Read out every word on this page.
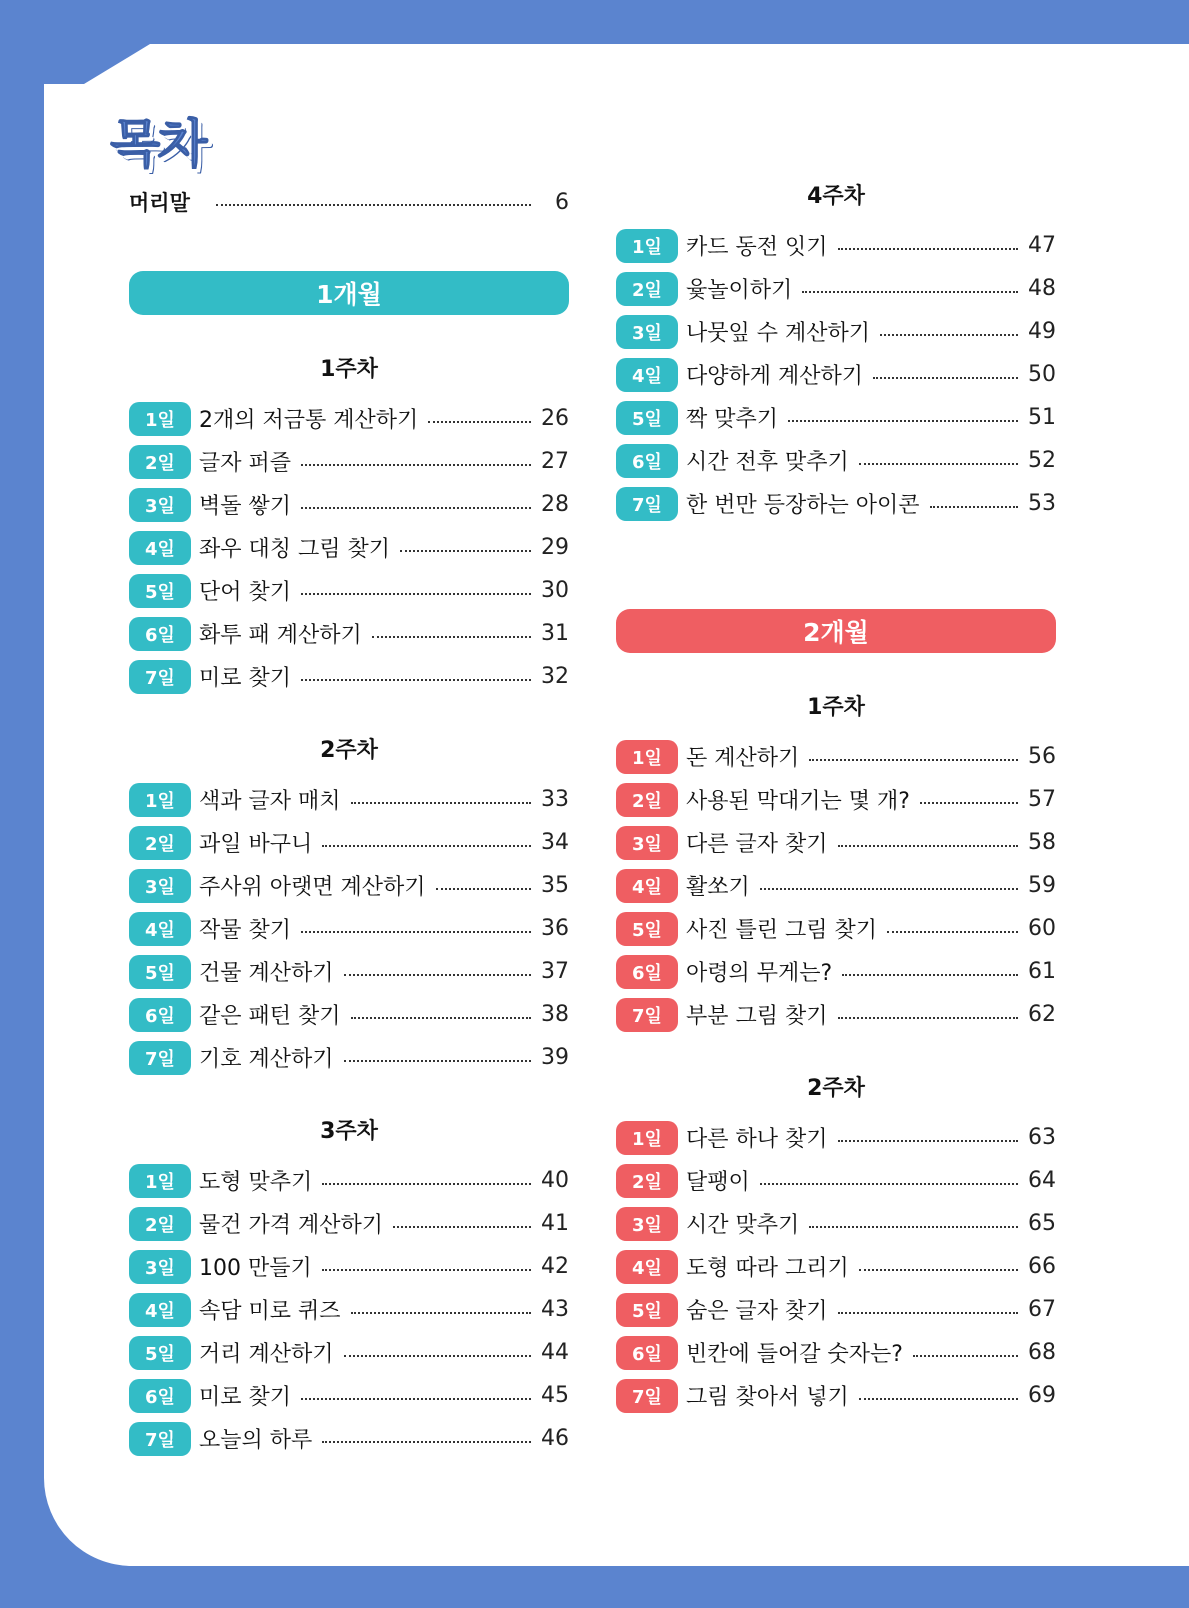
목차
머리말	6
1개월
1주차
1일	2개의 저금통 계산하기	26
2일	글자 퍼즐	27
3일	벽돌 쌓기	28
4일	좌우 대칭 그림 찾기	29
5일	단어 찾기	30
6일	화투 패 계산하기	31
7일	미로 찾기	32
2주차
1일	색과 글자 매치	33
2일	과일 바구니	34
3일	주사위 아랫면 계산하기	35
4일	작물 찾기	36
5일	건물 계산하기	37
6일	같은 패턴 찾기	38
7일	기호 계산하기	39
3주차
1일	도형 맞추기	40
2일	물건 가격 계산하기	41
3일	100 만들기	42
4일	속담 미로 퀴즈	43
5일	거리 계산하기	44
6일	미로 찾기	45
7일	오늘의 하루	46
4주차
1일	카드 동전 잇기	47
2일	윷놀이하기	48
3일	나뭇잎 수 계산하기	49
4일	다양하게 계산하기	50
5일	짝 맞추기	51
6일	시간 전후 맞추기	52
7일	한 번만 등장하는 아이콘	53
2개월
1주차
1일	돈 계산하기	56
2일	사용된 막대기는 몇 개?	57
3일	다른 글자 찾기	58
4일	활쏘기	59
5일	사진 틀린 그림 찾기	60
6일	아령의 무게는?	61
7일	부분 그림 찾기	62
2주차
1일	다른 하나 찾기	63
2일	달팽이	64
3일	시간 맞추기	65
4일	도형 따라 그리기	66
5일	숨은 글자 찾기	67
6일	빈칸에 들어갈 숫자는?	68
7일	그림 찾아서 넣기	69
